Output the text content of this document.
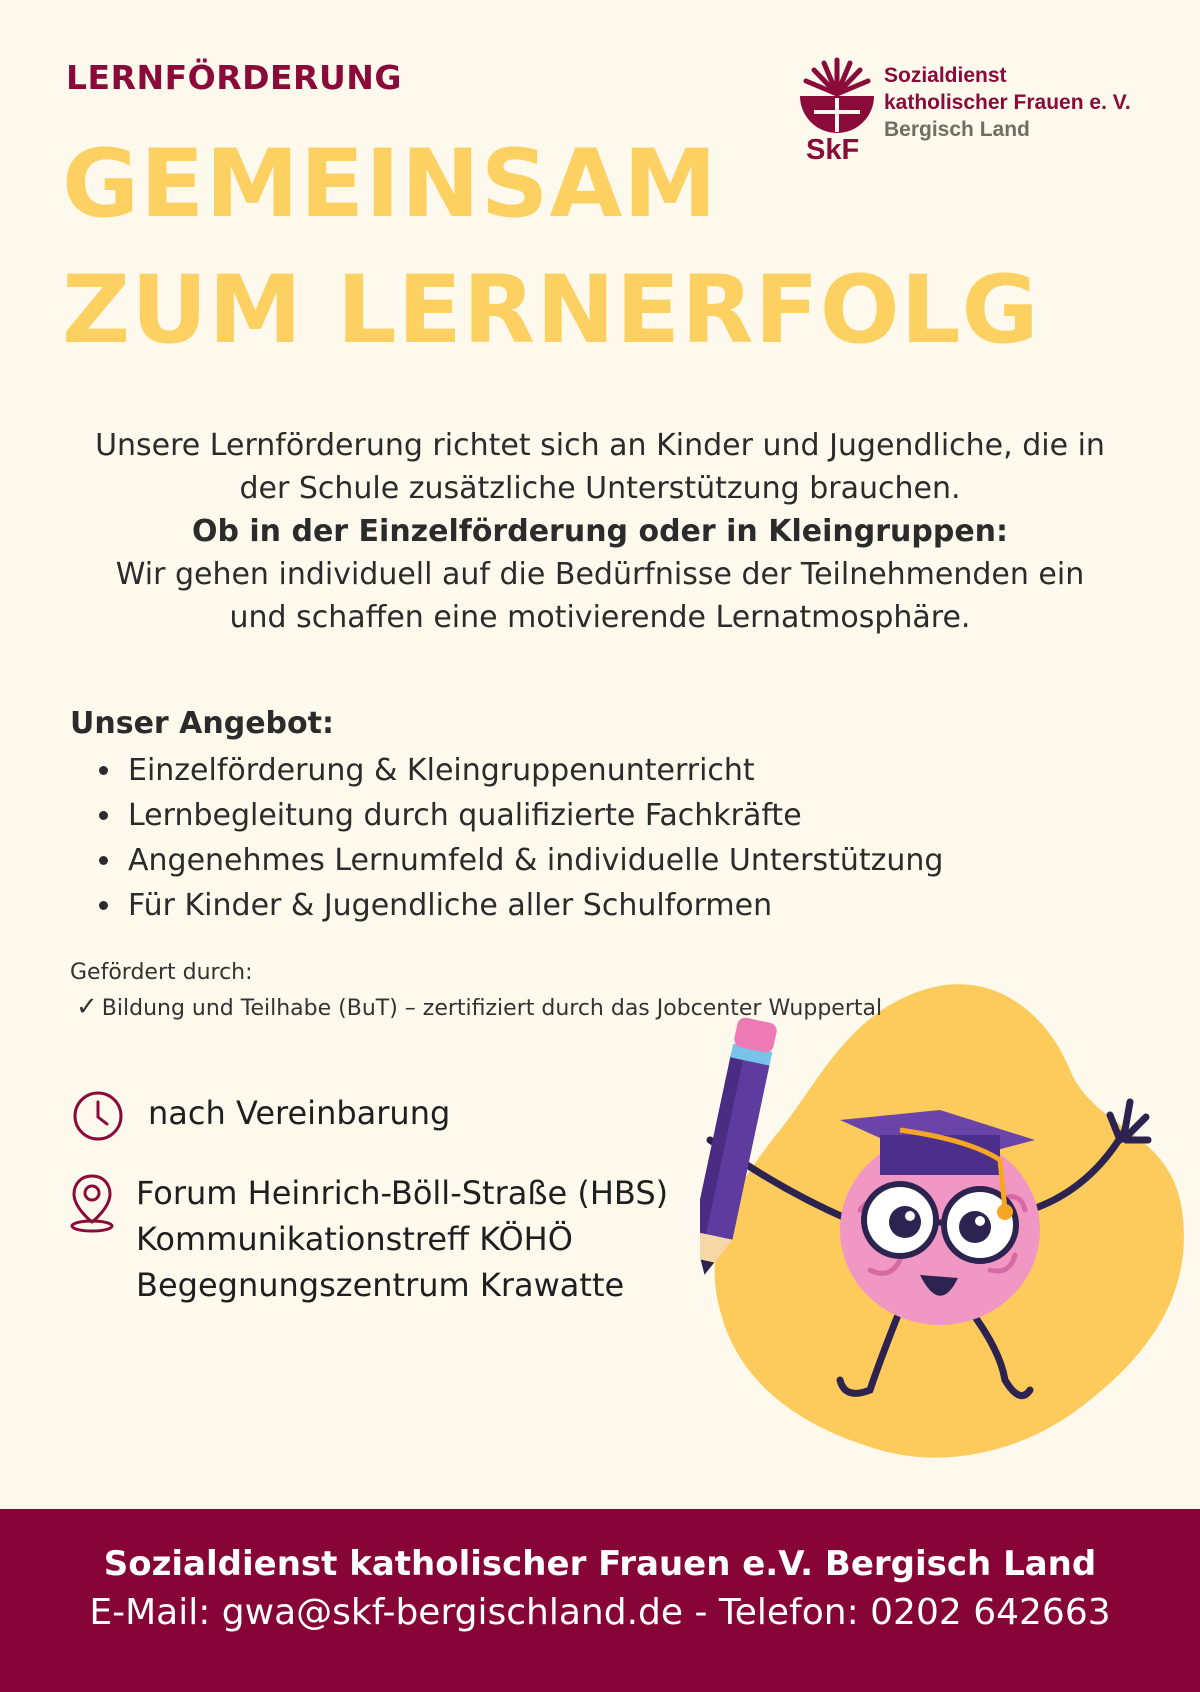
LERNFÖRDERUNG
GEMEINSAM
ZUM LERNERFOLG
SkF
Sozialdienst
katholischer Frauen e. V.
Bergisch Land
Unsere Lernförderung richtet sich an Kinder und Jugendliche, die in
der Schule zusätzliche Unterstützung brauchen.
Ob in der Einzelförderung oder in Kleingruppen:
Wir gehen individuell auf die Bedürfnisse der Teilnehmenden ein
und schaffen eine motivierende Lernatmosphäre.
Unser Angebot:
• Einzelförderung & Kleingruppenunterricht
• Lernbegleitung durch qualifizierte Fachkräfte
• Angenehmes Lernumfeld & individuelle Unterstützung
• Für Kinder & Jugendliche aller Schulformen
Gefördert durch:
✓ Bildung und Teilhabe (BuT) – zertifiziert durch das Jobcenter Wuppertal
nach Vereinbarung
Forum Heinrich-Böll-Straße (HBS)
Kommunikationstreff KÖHÖ
Begegnungszentrum Krawatte
Sozialdienst katholischer Frauen e.V. Bergisch Land
E-Mail: gwa@skf-bergischland.de - Telefon: 0202 642663
